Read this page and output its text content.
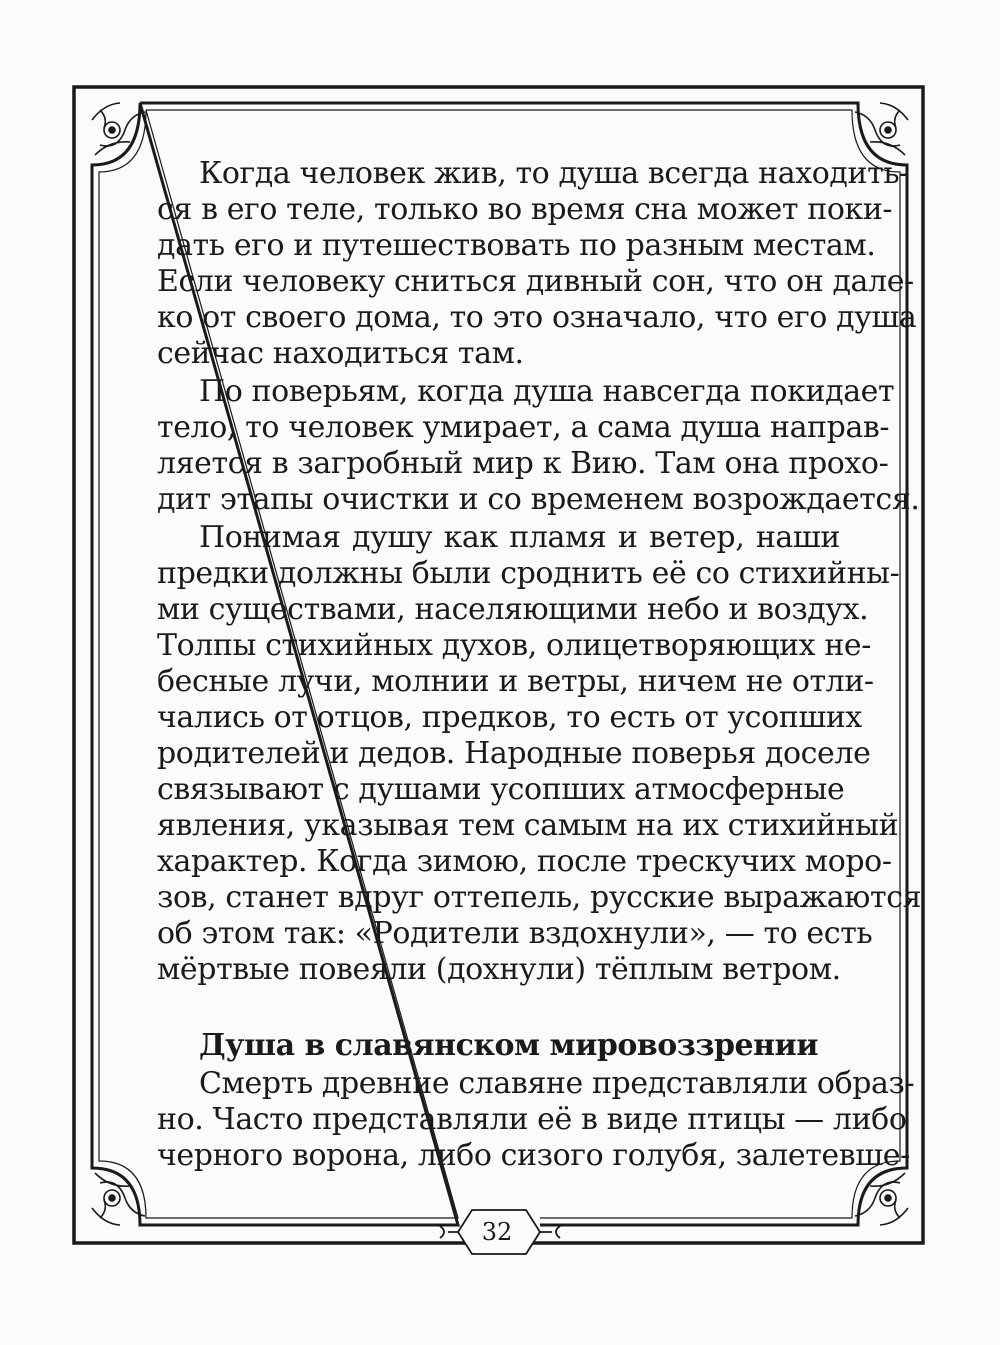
Когда человек жив, то душа всегда находить-
ся в его теле, только во время сна может поки-
дать его и путешествовать по разным местам.
Если человеку сниться дивный сон, что он дале-
ко от своего дома, то это означало, что его душа
сейчас находиться там.
По поверьям, когда душа навсегда покидает
тело, то человек умирает, а сама душа направ-
ляется в загробный мир к Вию. Там она прохо-
дит этапы очистки и со временем возрождается.
Понимая душу как пламя и ветер, наши
предки должны были сроднить её со стихийны-
ми существами, населяющими небо и воздух.
Толпы стихийных духов, олицетворяющих не-
бесные лучи, молнии и ветры, ничем не отли-
чались от отцов, предков, то есть от усопших
родителей и дедов. Народные поверья доселе
связывают с душами усопших атмосферные
явления, указывая тем самым на их стихийный
характер. Когда зимою, после трескучих моро-
зов, станет вдруг оттепель, русские выражаются
об этом так: «Родители вздохнули», — то есть
мёртвые повеяли (дохнули) тёплым ветром.
Душа в славянском мировоззрении
Смерть древние славяне представляли образ-
но. Часто представляли её в виде птицы — либо
черного ворона, либо сизого голубя, залетевше-
32
